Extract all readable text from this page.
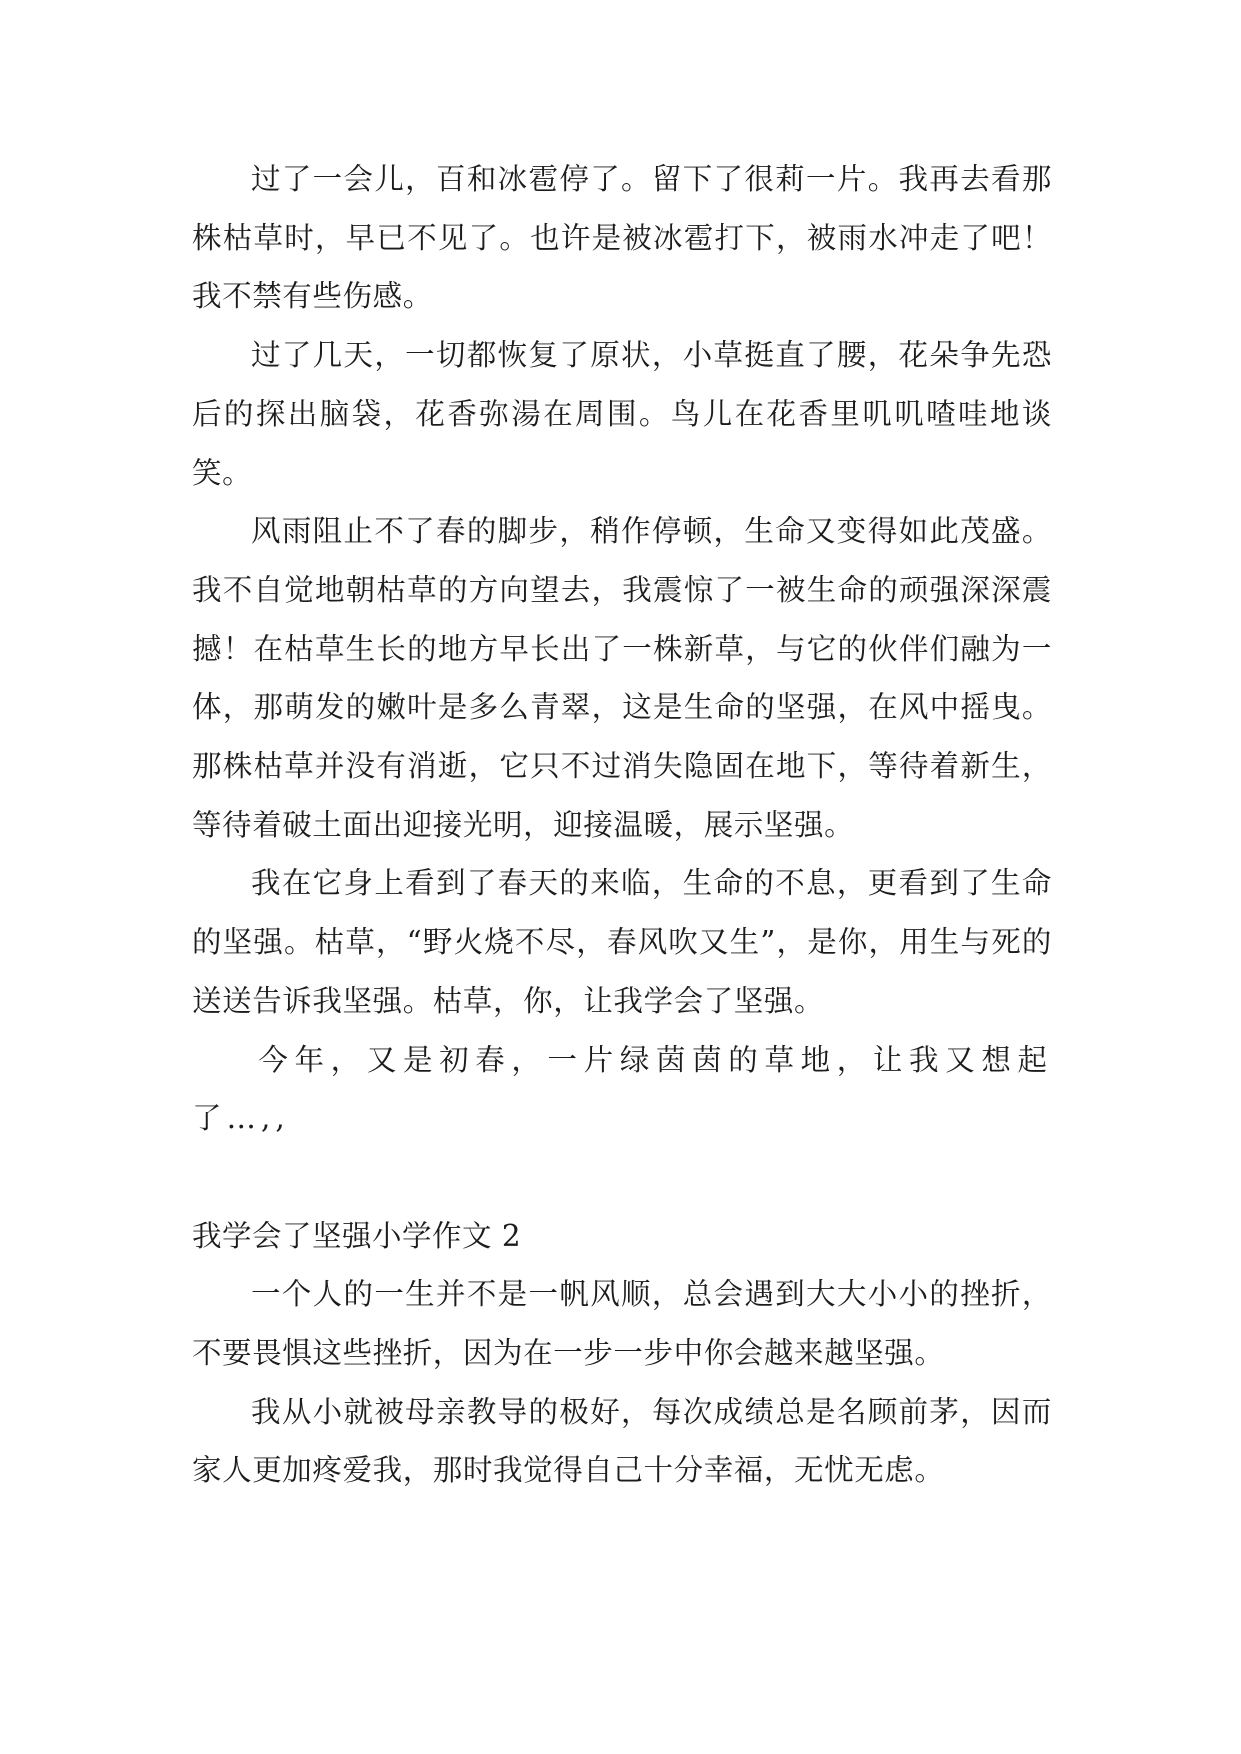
过了一会儿，百和冰雹停了。留下了很莉一片。我再去看那株枯草时，早已不见了。也许是被冰雹打下，被雨水冲走了吧！我不禁有些伤感。

过了几天，一切都恢复了原状，小草挺直了腰，花朵争先恐后的探出脑袋，花香弥湯在周围。鸟儿在花香里叽叽喳哇地谈笑。

风雨阻止不了春的脚步，稍作停顿，生命又变得如此茂盛。我不自觉地朝枯草的方向望去，我震惊了一被生命的顽强深深震撼！在枯草生长的地方早长出了一株新草，与它的伙伴们融为一体，那萌发的嫩叶是多么青翠，这是生命的坚强，在风中摇曳。那株枯草并没有消逝，它只不过消失隐固在地下，等待着新生，等待着破土面出迎接光明，迎接温暖，展示坚强。

我在它身上看到了春天的来临，生命的不息，更看到了生命的坚强。枯草，“野火烧不尽，春风吹又生”，是你，用生与死的送送告诉我坚强。枯草，你，让我学会了坚强。

今年，又是初春，一片绿茵茵的草地，让我又想起了…,,

我学会了坚强小学作文 2

一个人的一生并不是一帆风顺，总会遇到大大小小的挫折，不要畏惧这些挫折，因为在一步一步中你会越来越坚强。

我从小就被母亲教导的极好，每次成绩总是名顾前茅，因而家人更加疼爱我，那时我觉得自己十分幸福，无忧无虑。
